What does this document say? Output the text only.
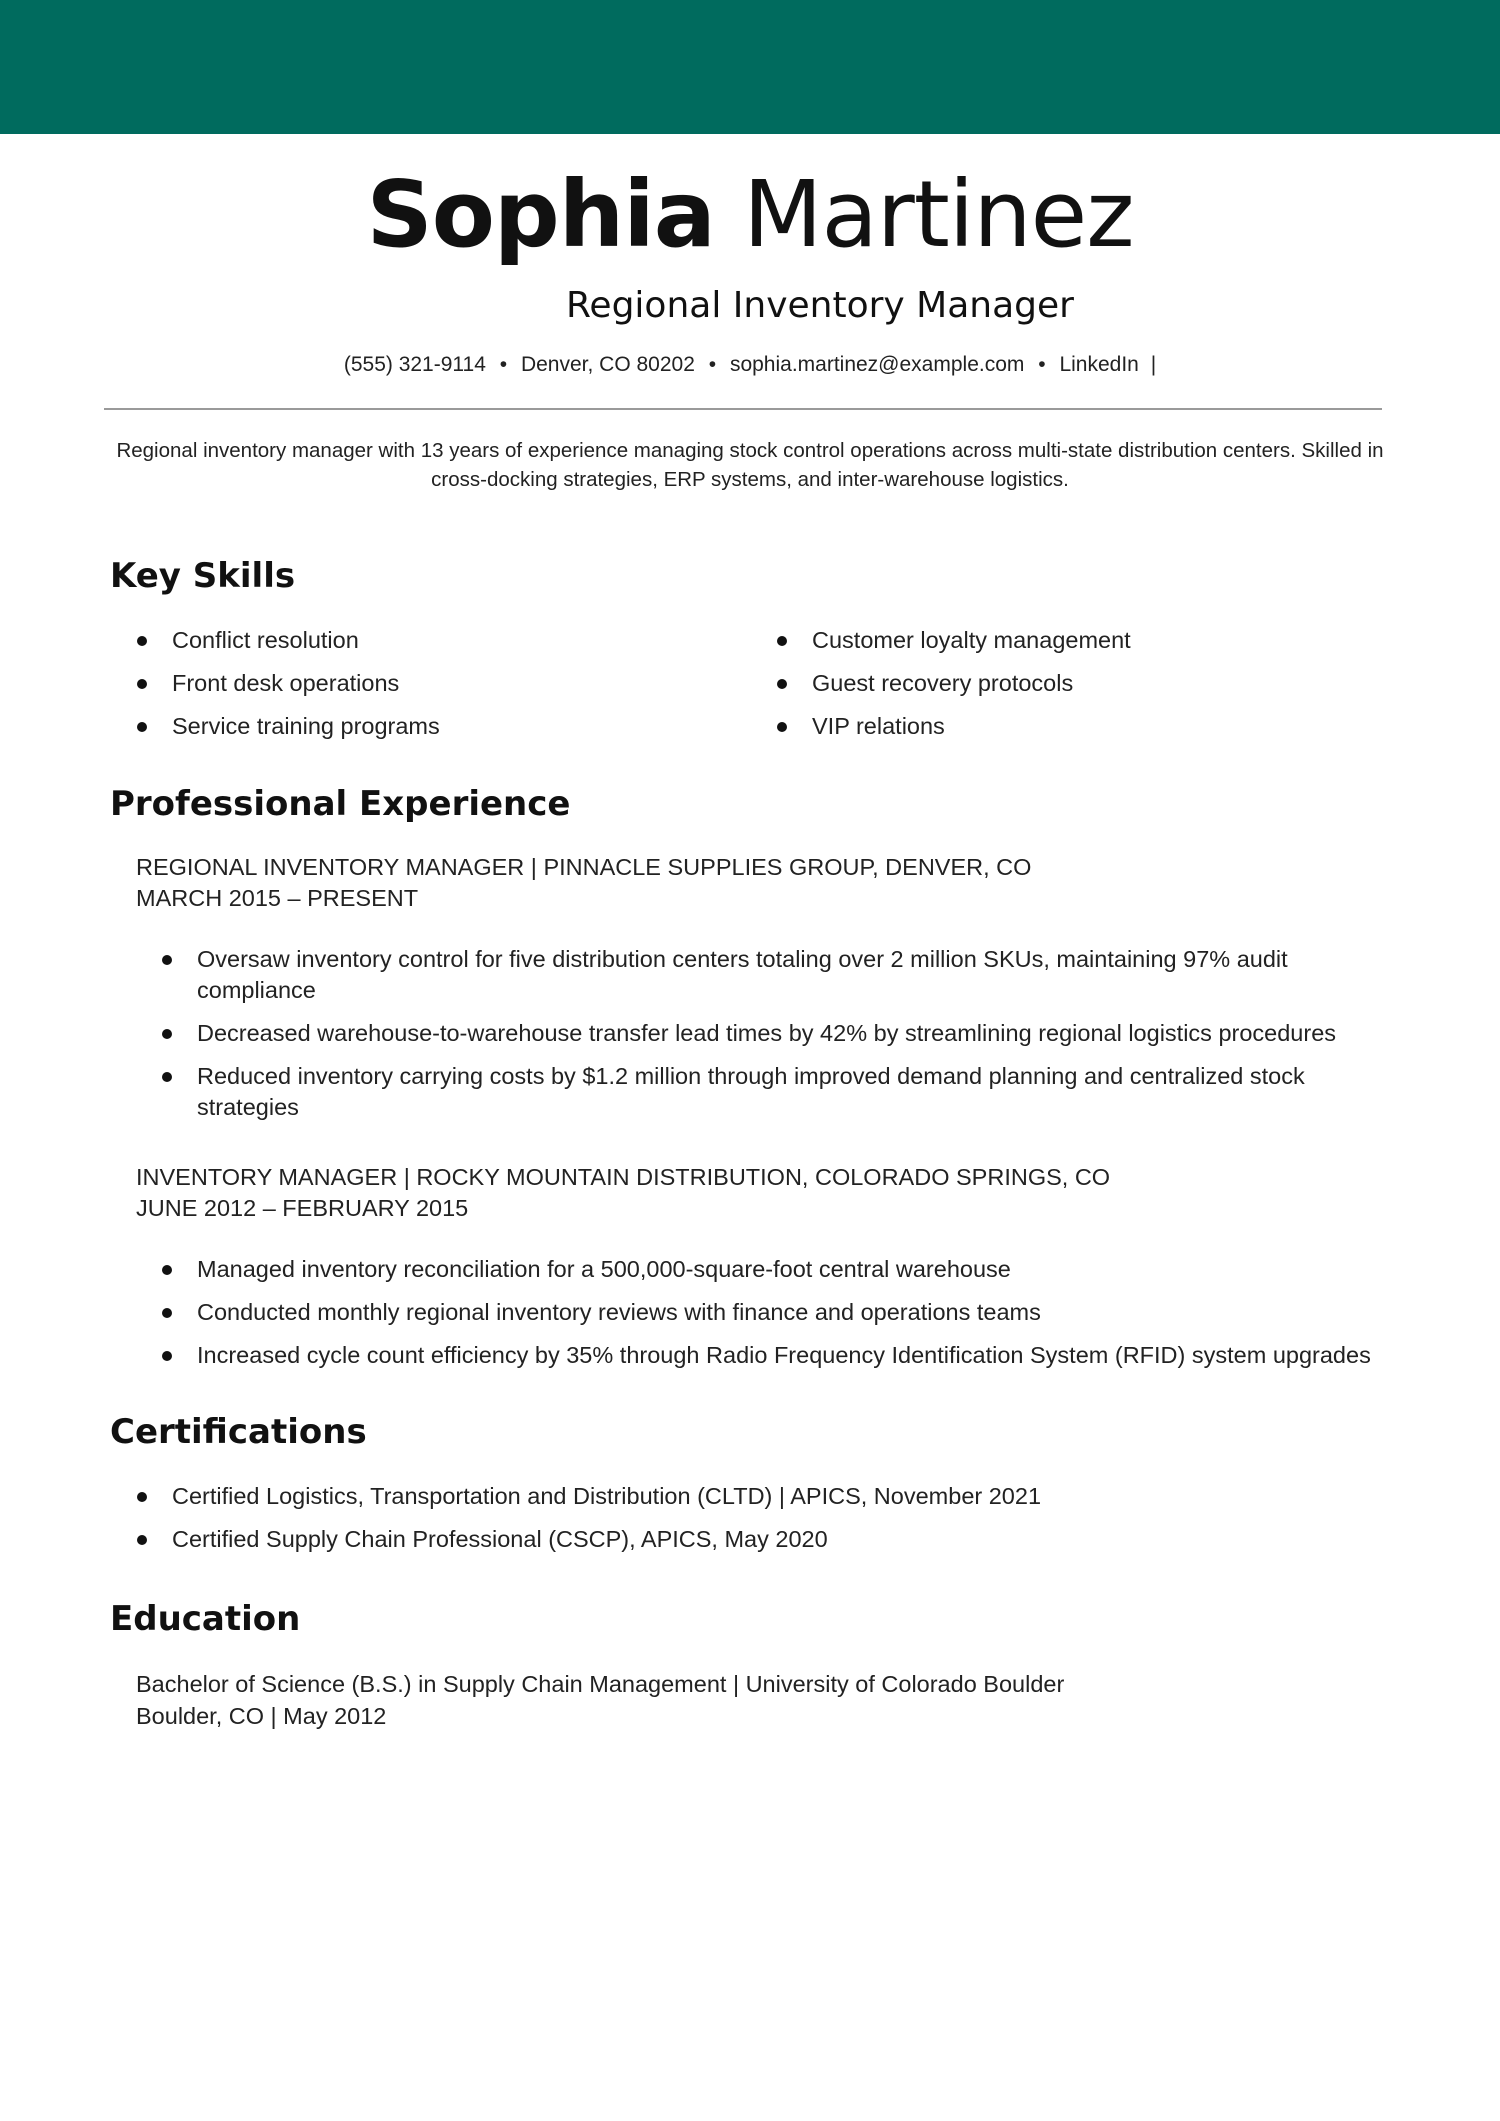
Sophia Martinez
Regional Inventory Manager
(555) 321-9114 • Denver, CO 80202 • sophia.martinez@example.com • LinkedIn |
Regional inventory manager with 13 years of experience managing stock control operations across multi-state distribution centers. Skilled in cross-docking strategies, ERP systems, and inter-warehouse logistics.
Key Skills
Conflict resolution
Front desk operations
Service training programs
Customer loyalty management
Guest recovery protocols
VIP relations
Professional Experience
REGIONAL INVENTORY MANAGER | PINNACLE SUPPLIES GROUP, DENVER, CO
MARCH 2015 – PRESENT
Oversaw inventory control for five distribution centers totaling over 2 million SKUs, maintaining 97% audit compliance
Decreased warehouse-to-warehouse transfer lead times by 42% by streamlining regional logistics procedures
Reduced inventory carrying costs by $1.2 million through improved demand planning and centralized stock strategies
INVENTORY MANAGER | ROCKY MOUNTAIN DISTRIBUTION, COLORADO SPRINGS, CO
JUNE 2012 – FEBRUARY 2015
Managed inventory reconciliation for a 500,000-square-foot central warehouse
Conducted monthly regional inventory reviews with finance and operations teams
Increased cycle count efficiency by 35% through Radio Frequency Identification System (RFID) system upgrades
Certifications
Certified Logistics, Transportation and Distribution (CLTD) | APICS, November 2021
Certified Supply Chain Professional (CSCP), APICS, May 2020
Education
Bachelor of Science (B.S.) in Supply Chain Management | University of Colorado Boulder
Boulder, CO | May 2012
